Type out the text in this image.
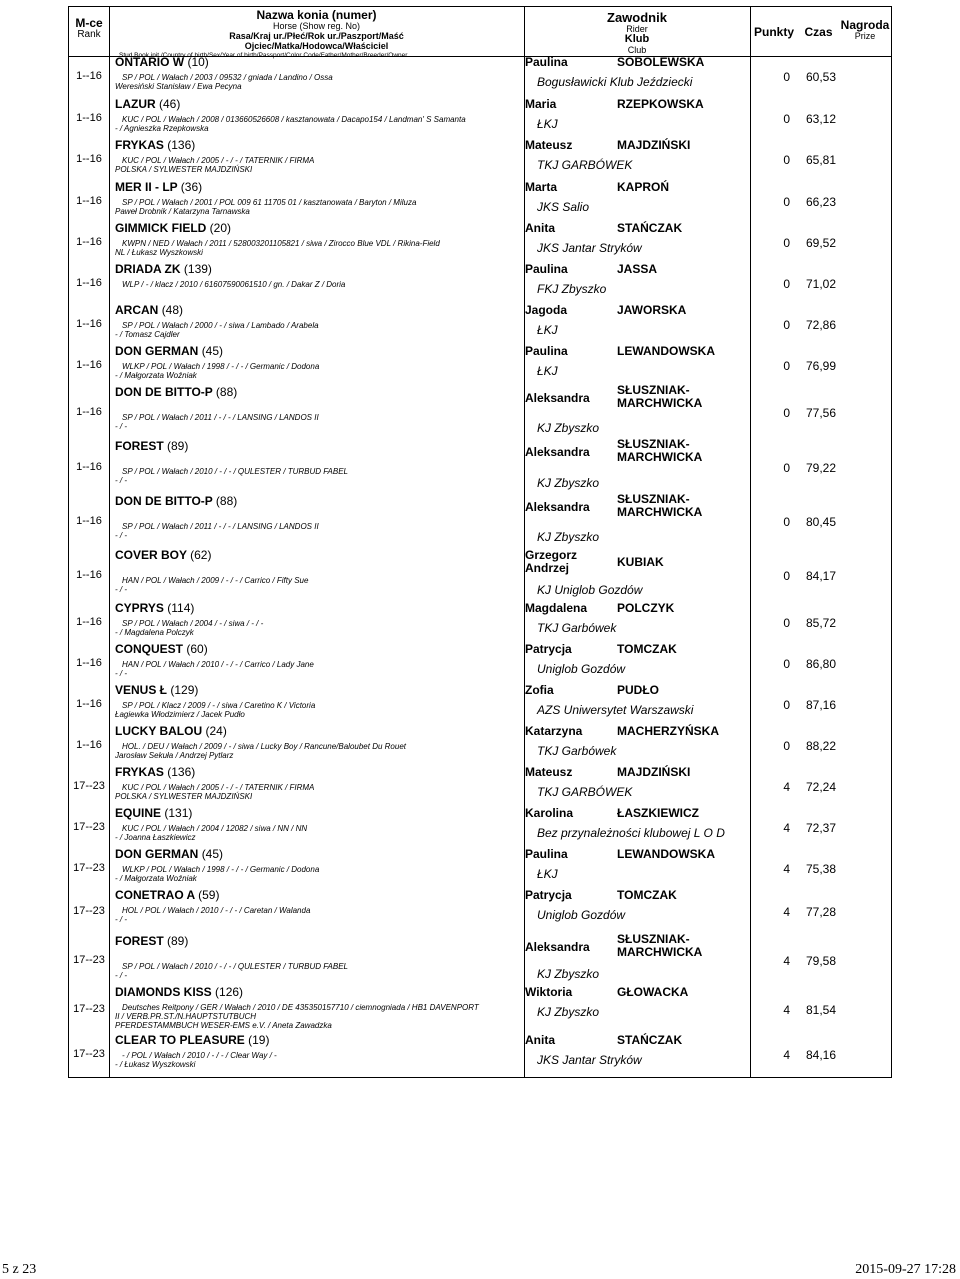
M-ce
Rank
Nazwa konia (numer)
Horse (Show reg. No)
Rasa/Kraj ur./Płeć/Rok ur./Paszport/Maść
Ojciec/Matka/Hodowca/Właściciel
Stud Book init./Country of birth/Sex/Year of birth/Passport/Color Code/Father/Mother/Breeder/Owner
Zawodnik
Rider
Klub
Club
Punkty Czas Nagroda
Prize
1--16
ONTARIO W (10)
SP / POL / Wałach / 2003 / 09532 / gniada / Landino / Ossa
Weresiński Stanisław / Ewa Pecyna
Paulina	SOBOLEWSKA
Bogusławicki Klub Jeździecki	0	60,53
1--16
LAZUR (46)
KUC / POL / Wałach / 2008 / 013660526608 / kasztanowata / Dacapo154 / Landman' S Samanta
- / Agnieszka Rzepkowska
Maria	RZEPKOWSKA
ŁKJ	0	63,12
1--16
FRYKAS (136)
KUC / POL / Wałach / 2005 / - / - / TATERNIK / FIRMA
POLSKA / SYLWESTER MAJDZIŃSKI
Mateusz	MAJDZIŃSKI
TKJ GARBÓWEK	0	65,81
1--16
MER II - LP (36)
SP / POL / Wałach / 2001 / POL 009 61 11705 01 / kasztanowata / Baryton / Miluza
Paweł Drobnik / Katarzyna Tarnawska
Marta	KAPROŃ
JKS Salio	0	66,23
1--16
GIMMICK FIELD (20)
KWPN / NED / Wałach / 2011 / 528003201105821 / siwa / Zirocco Blue VDL / Rikina-Field
NL / Łukasz Wyszkowski
Anita	STAŃCZAK
JKS Jantar Stryków	0	69,52
1--16
DRIADA ZK (139)
WLP / - / klacz / 2010 / 616075900615​10 / gn. / Dakar Z / Doria
Paulina	JASSA
FKJ Zbyszko	0	71,02
1--16
ARCAN (48)
SP / POL / Wałach / 2000 / - / siwa / Lambado / Arabela
- / Tomasz Cajdler
Jagoda	JAWORSKA
ŁKJ	0	72,86
1--16
DON GERMAN (45)
WLKP / POL / Wałach / 1998 / - / - / Germanic / Dodona
- / Małgorzata Woźniak
Paulina	LEWANDOWSKA
ŁKJ	0	76,99
1--16
DON DE BITTO-P (88)
SP / POL / Wałach / 2011 / - / - / LANSING / LANDOS II
- / -
Aleksandra
SŁUSZNIAK-
MARCHWICKA
KJ Zbyszko
0	77,56
1--16
FOREST (89)
SP / POL / Wałach / 2010 / - / - / QULESTER / TURBUD FABEL
- / -
Aleksandra
SŁUSZNIAK-
MARCHWICKA
KJ Zbyszko
0	79,22
1--16
DON DE BITTO-P (88)
SP / POL / Wałach / 2011 / - / - / LANSING / LANDOS II
- / -
Aleksandra
SŁUSZNIAK-
MARCHWICKA
KJ Zbyszko
0	80,45
1--16
COVER BOY (62)
HAN / POL / Wałach / 2009 / - / - / Carrico / Fifty Sue
- / -
Grzegorz
Andrzej	KUBIAK
KJ Uniglob Gozdów
0	84,17
1--16
CYPRYS (114)
SP / POL / Wałach / 2004 / - / siwa / - / -
- / Magdalena Polczyk
Magdalena POLCZYK
TKJ Garbówek	0	85,72
1--16
CONQUEST (60)
HAN / POL / Wałach / 2010 / - / - / Carrico / Lady Jane
- / -
Patrycja	TOMCZAK
Uniglob Gozdów	0	86,80
1--16
VENUS Ł (129)
SP / POL / Klacz / 2009 / - / siwa / Caretino K / Victoria
Łagiewka Włodzimierz / Jacek Pudło
Zofia	PUDŁO
AZS Uniwersytet Warszawski	0	87,16
1--16
LUCKY BALOU (24)
HOL. / DEU / Wałach / 2009 / - / siwa / Lucky Boy / Rancune/Baloubet Du Rouet
Jarosław Sekuła / Andrzej Pytlarz
Katarzyna	MACHERZYŃSKA
TKJ Garbówek	0	88,22
17--23
FRYKAS (136)
KUC / POL / Wałach / 2005 / - / - / TATERNIK / FIRMA
POLSKA / SYLWESTER MAJDZIŃSKI
Mateusz	MAJDZIŃSKI
TKJ GARBÓWEK	4	72,24
17--23
EQUINE (131)
KUC / POL / Wałach / 2004 / 12082 / siwa / NN / NN
- / Joanna Łaszkiewicz
Karolina	ŁASZKIEWICZ
Bez przynależności klubowej L O D	4	72,37
17--23
DON GERMAN (45)
WLKP / POL / Wałach / 1998 / - / - / Germanic / Dodona
- / Małgorzata Woźniak
Paulina	LEWANDOWSKA
ŁKJ	4	75,38
17--23
CONETRAO A (59)
HOL / POL / Wałach / 2010 / - / - / Caretan / Walanda
- / -
Patrycja	TOMCZAK
Uniglob Gozdów	4	77,28
17--23
FOREST (89)
SP / POL / Wałach / 2010 / - / - / QULESTER / TURBUD FABEL
- / -
Aleksandra
SŁUSZNIAK-
MARCHWICKA
KJ Zbyszko
4	79,58
17--23
DIAMONDS KISS (126)
Deutsches Reitpony / GER / Wałach / 2010 / DE 435350157710 / ciemnogniada / HB1 DAVENPORT
II / VERB.PR.ST./N.HAUPTSTUTBUCH
PFERDESTAMMBUCH WESER-EMS e.V. / Aneta Zawadzka
Wiktoria	GŁOWACKA
KJ Zbyszko	4	81,54
17--23
CLEAR TO PLEASURE (19)
- / POL / Wałach / 2010 / - / - / Clear Way / -
- / Łukasz Wyszkowski
Anita	STAŃCZAK
JKS Jantar Stryków	4	84,16
5 z 23	2015-09-27 17:28
